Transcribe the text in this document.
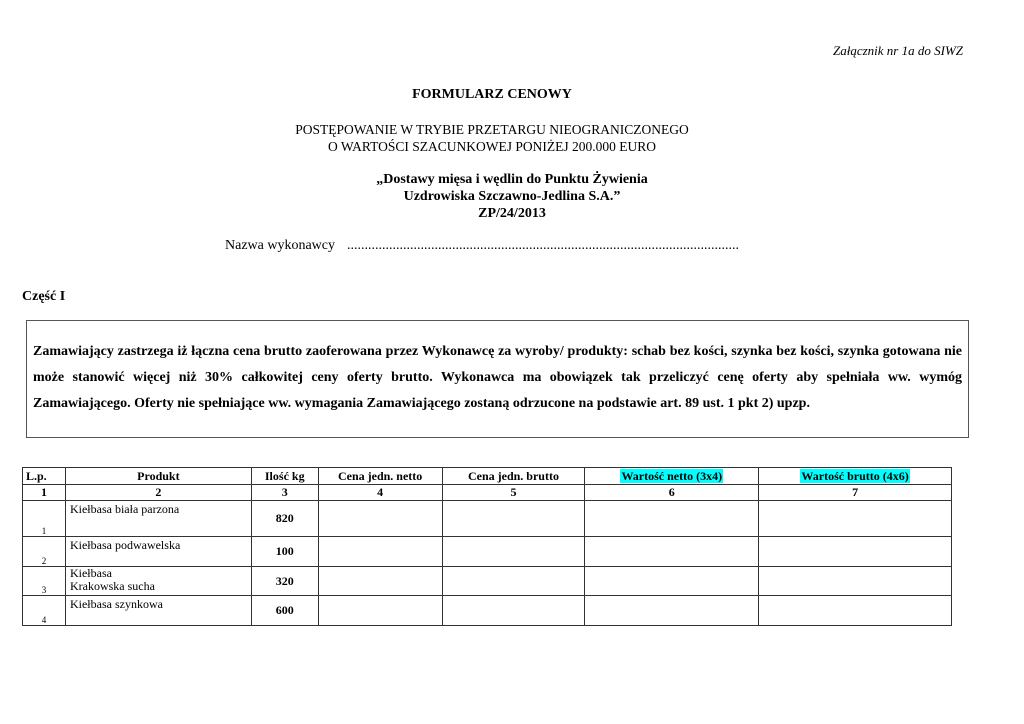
Załącznik nr 1a do SIWZ
FORMULARZ CENOWY
POSTĘPOWANIE W TRYBIE PRZETARGU NIEOGRANICZONEGO
O WARTOŚCI SZACUNKOWEJ PONIŻEJ 200.000 EURO
„Dostawy mięsa i wędlin do Punktu Żywienia
Uzdrowiska Szczawno-Jedlina S.A.”
ZP/24/2013
Nazwa wykonawcy ................................................................................................................
Część I
Zamawiający zastrzega iż łączna cena brutto zaoferowana przez Wykonawcę za wyroby/ produkty: schab bez kości, szynka bez kości, szynka gotowana nie może stanowić więcej niż 30% całkowitej ceny oferty brutto. Wykonawca ma obowiązek tak przeliczyć cenę oferty aby spełniała ww. wymóg Zamawiającego. Oferty nie spełniające ww. wymagania Zamawiającego zostaną odrzucone na podstawie art. 89 ust. 1 pkt 2) upzp.
L.p.	Produkt	Ilość kg	Cena jedn. netto	Cena jedn. brutto	Wartość netto (3x4)	Wartość brutto (4x6)
1	2	3	4	5	6	7
1	Kiełbasa biała parzona	820				
2	Kiełbasa podwawelska	100				
3	Kiełbasa
Krakowska sucha	320				
4	Kiełbasa szynkowa	600				
